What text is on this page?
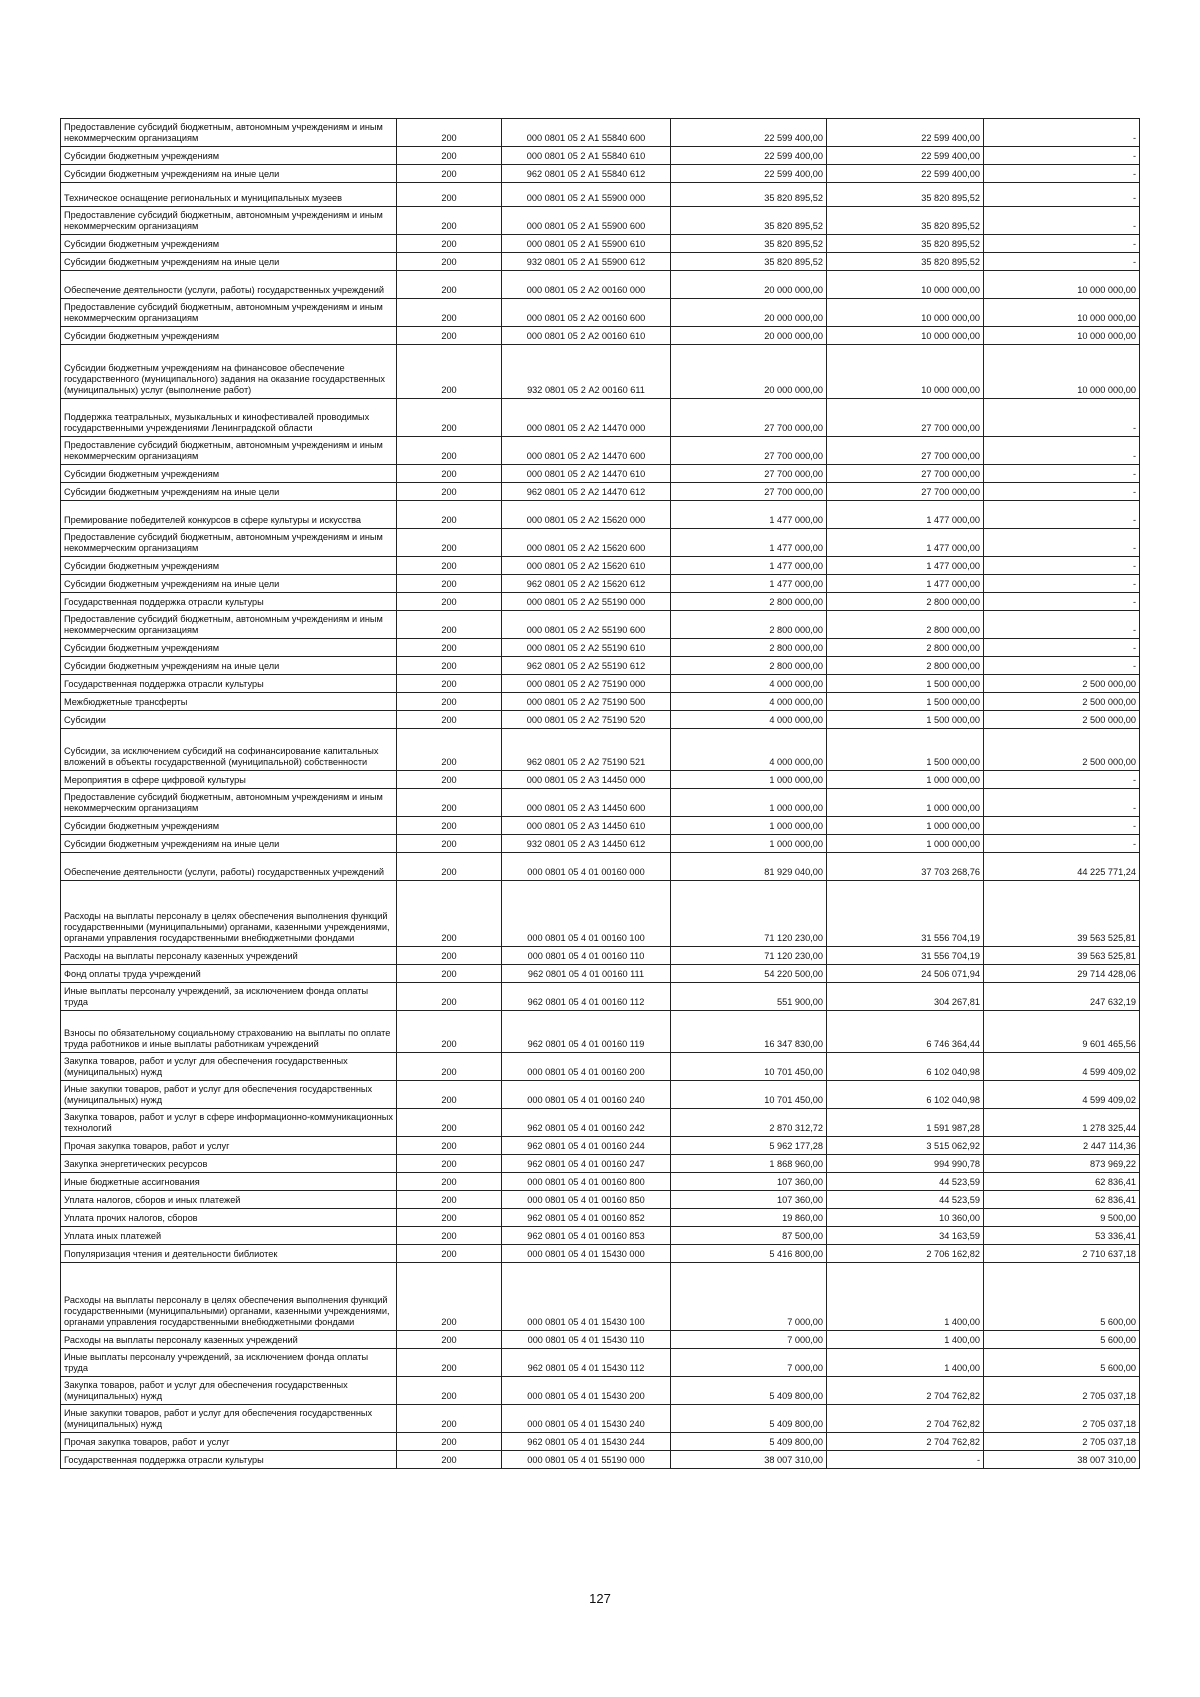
Предоставление субсидий бюджетным, автономным учреждениям и иным некоммерческим организациям	200	000 0801 05 2 А1 55840 600	22 599 400,00	22 599 400,00	-
Субсидии бюджетным учреждениям	200	000 0801 05 2 А1 55840 610	22 599 400,00	22 599 400,00	-
Субсидии бюджетным учреждениям на иные цели	200	962 0801 05 2 А1 55840 612	22 599 400,00	22 599 400,00	-
Техническое оснащение региональных и муниципальных музеев	200	000 0801 05 2 А1 55900 000	35 820 895,52	35 820 895,52	-
Предоставление субсидий бюджетным, автономным учреждениям и иным некоммерческим организациям	200	000 0801 05 2 А1 55900 600	35 820 895,52	35 820 895,52	-
Субсидии бюджетным учреждениям	200	000 0801 05 2 А1 55900 610	35 820 895,52	35 820 895,52	-
Субсидии бюджетным учреждениям на иные цели	200	932 0801 05 2 А1 55900 612	35 820 895,52	35 820 895,52	-
Обеспечение деятельности (услуги, работы) государственных учреждений	200	000 0801 05 2 А2 00160 000	20 000 000,00	10 000 000,00	10 000 000,00
Предоставление субсидий бюджетным, автономным учреждениям и иным некоммерческим организациям	200	000 0801 05 2 А2 00160 600	20 000 000,00	10 000 000,00	10 000 000,00
Субсидии бюджетным учреждениям	200	000 0801 05 2 А2 00160 610	20 000 000,00	10 000 000,00	10 000 000,00
Субсидии бюджетным учреждениям на финансовое обеспечение государственного (муниципального) задания на оказание государственных (муниципальных) услуг (выполнение работ)	200	932 0801 05 2 А2 00160 611	20 000 000,00	10 000 000,00	10 000 000,00
Поддержка театральных, музыкальных и кинофестивалей проводимых государственными учреждениями Ленинградской области	200	000 0801 05 2 А2 14470 000	27 700 000,00	27 700 000,00	-
Предоставление субсидий бюджетным, автономным учреждениям и иным некоммерческим организациям	200	000 0801 05 2 А2 14470 600	27 700 000,00	27 700 000,00	-
Субсидии бюджетным учреждениям	200	000 0801 05 2 А2 14470 610	27 700 000,00	27 700 000,00	-
Субсидии бюджетным учреждениям на иные цели	200	962 0801 05 2 А2 14470 612	27 700 000,00	27 700 000,00	-
Премирование победителей конкурсов в сфере культуры и искусства	200	000 0801 05 2 А2 15620 000	1 477 000,00	1 477 000,00	-
Предоставление субсидий бюджетным, автономным учреждениям и иным некоммерческим организациям	200	000 0801 05 2 А2 15620 600	1 477 000,00	1 477 000,00	-
Субсидии бюджетным учреждениям	200	000 0801 05 2 А2 15620 610	1 477 000,00	1 477 000,00	-
Субсидии бюджетным учреждениям на иные цели	200	962 0801 05 2 А2 15620 612	1 477 000,00	1 477 000,00	-
Государственная поддержка отрасли культуры	200	000 0801 05 2 А2 55190 000	2 800 000,00	2 800 000,00	-
Предоставление субсидий бюджетным, автономным учреждениям и иным некоммерческим организациям	200	000 0801 05 2 А2 55190 600	2 800 000,00	2 800 000,00	-
Субсидии бюджетным учреждениям	200	000 0801 05 2 А2 55190 610	2 800 000,00	2 800 000,00	-
Субсидии бюджетным учреждениям на иные цели	200	962 0801 05 2 А2 55190 612	2 800 000,00	2 800 000,00	-
Государственная поддержка отрасли культуры	200	000 0801 05 2 А2 75190 000	4 000 000,00	1 500 000,00	2 500 000,00
Межбюджетные трансферты	200	000 0801 05 2 А2 75190 500	4 000 000,00	1 500 000,00	2 500 000,00
Субсидии	200	000 0801 05 2 А2 75190 520	4 000 000,00	1 500 000,00	2 500 000,00
Субсидии, за исключением субсидий на софинансирование капитальных вложений в объекты государственной (муниципальной) собственности	200	962 0801 05 2 А2 75190 521	4 000 000,00	1 500 000,00	2 500 000,00
Мероприятия в сфере цифровой культуры	200	000 0801 05 2 А3 14450 000	1 000 000,00	1 000 000,00	-
Предоставление субсидий бюджетным, автономным учреждениям и иным некоммерческим организациям	200	000 0801 05 2 А3 14450 600	1 000 000,00	1 000 000,00	-
Субсидии бюджетным учреждениям	200	000 0801 05 2 А3 14450 610	1 000 000,00	1 000 000,00	-
Субсидии бюджетным учреждениям на иные цели	200	932 0801 05 2 А3 14450 612	1 000 000,00	1 000 000,00	-
Обеспечение деятельности (услуги, работы) государственных учреждений	200	000 0801 05 4 01 00160 000	81 929 040,00	37 703 268,76	44 225 771,24
Расходы на выплаты персоналу в целях обеспечения выполнения функций государственными (муниципальными) органами, казенными учреждениями, органами управления государственными внебюджетными фондами	200	000 0801 05 4 01 00160 100	71 120 230,00	31 556 704,19	39 563 525,81
Расходы на выплаты персоналу казенных учреждений	200	000 0801 05 4 01 00160 110	71 120 230,00	31 556 704,19	39 563 525,81
Фонд оплаты труда учреждений	200	962 0801 05 4 01 00160 111	54 220 500,00	24 506 071,94	29 714 428,06
Иные выплаты персоналу учреждений, за исключением фонда оплаты труда	200	962 0801 05 4 01 00160 112	551 900,00	304 267,81	247 632,19
Взносы по обязательному социальному страхованию на выплаты по оплате труда работников и иные выплаты работникам учреждений	200	962 0801 05 4 01 00160 119	16 347 830,00	6 746 364,44	9 601 465,56
Закупка товаров, работ и услуг для обеспечения государственных (муниципальных) нужд	200	000 0801 05 4 01 00160 200	10 701 450,00	6 102 040,98	4 599 409,02
Иные закупки товаров, работ и услуг для обеспечения государственных (муниципальных) нужд	200	000 0801 05 4 01 00160 240	10 701 450,00	6 102 040,98	4 599 409,02
Закупка товаров, работ и услуг в сфере информационно-коммуникационных технологий	200	962 0801 05 4 01 00160 242	2 870 312,72	1 591 987,28	1 278 325,44
Прочая закупка товаров, работ и услуг	200	962 0801 05 4 01 00160 244	5 962 177,28	3 515 062,92	2 447 114,36
Закупка энергетических ресурсов	200	962 0801 05 4 01 00160 247	1 868 960,00	994 990,78	873 969,22
Иные бюджетные ассигнования	200	000 0801 05 4 01 00160 800	107 360,00	44 523,59	62 836,41
Уплата налогов, сборов и иных платежей	200	000 0801 05 4 01 00160 850	107 360,00	44 523,59	62 836,41
Уплата прочих налогов, сборов	200	962 0801 05 4 01 00160 852	19 860,00	10 360,00	9 500,00
Уплата иных платежей	200	962 0801 05 4 01 00160 853	87 500,00	34 163,59	53 336,41
Популяризация чтения и деятельности библиотек	200	000 0801 05 4 01 15430 000	5 416 800,00	2 706 162,82	2 710 637,18
Расходы на выплаты персоналу в целях обеспечения выполнения функций государственными (муниципальными) органами, казенными учреждениями, органами управления государственными внебюджетными фондами	200	000 0801 05 4 01 15430 100	7 000,00	1 400,00	5 600,00
Расходы на выплаты персоналу казенных учреждений	200	000 0801 05 4 01 15430 110	7 000,00	1 400,00	5 600,00
Иные выплаты персоналу учреждений, за исключением фонда оплаты труда	200	962 0801 05 4 01 15430 112	7 000,00	1 400,00	5 600,00
Закупка товаров, работ и услуг для обеспечения государственных (муниципальных) нужд	200	000 0801 05 4 01 15430 200	5 409 800,00	2 704 762,82	2 705 037,18
Иные закупки товаров, работ и услуг для обеспечения государственных (муниципальных) нужд	200	000 0801 05 4 01 15430 240	5 409 800,00	2 704 762,82	2 705 037,18
Прочая закупка товаров, работ и услуг	200	962 0801 05 4 01 15430 244	5 409 800,00	2 704 762,82	2 705 037,18
Государственная поддержка отрасли культуры	200	000 0801 05 4 01 55190 000	38 007 310,00	-	38 007 310,00
127
